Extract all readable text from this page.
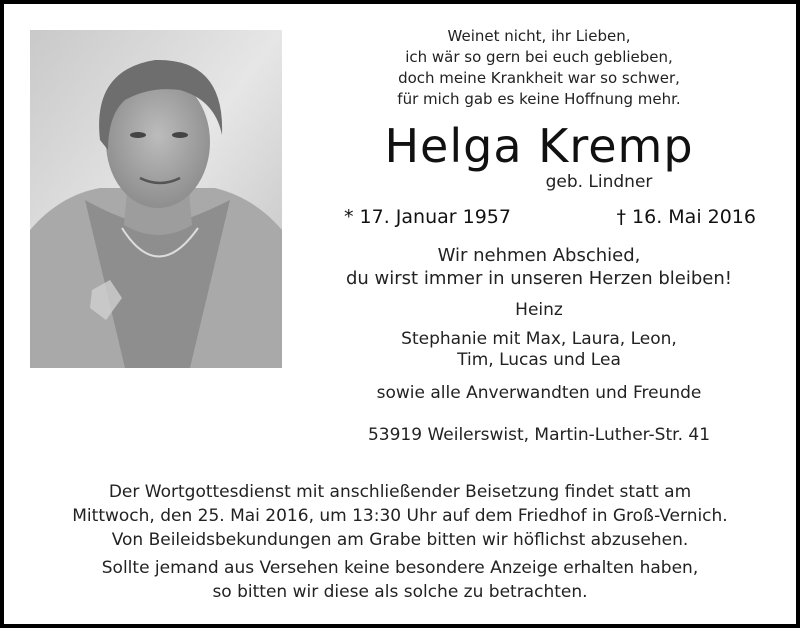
Weinet nicht, ihr Lieben,
ich wär so gern bei euch geblieben,
doch meine Krankheit war so schwer,
für mich gab es keine Hoffnung mehr.
Helga Kremp
geb. Lindner
* 17. Januar 1957	† 16. Mai 2016
Wir nehmen Abschied,
du wirst immer in unseren Herzen bleiben!
Heinz
Stephanie mit Max, Laura, Leon,
Tim, Lucas und Lea
sowie alle Anverwandten und Freunde
53919 Weilerswist, Martin-Luther-Str. 41
Der Wortgottesdienst mit anschließender Beisetzung findet statt am
Mittwoch, den 25. Mai 2016, um 13:30 Uhr auf dem Friedhof in Groß-Vernich.
Von Beileidsbekundungen am Grabe bitten wir höflichst abzusehen.
Sollte jemand aus Versehen keine besondere Anzeige erhalten haben,
so bitten wir diese als solche zu betrachten.
